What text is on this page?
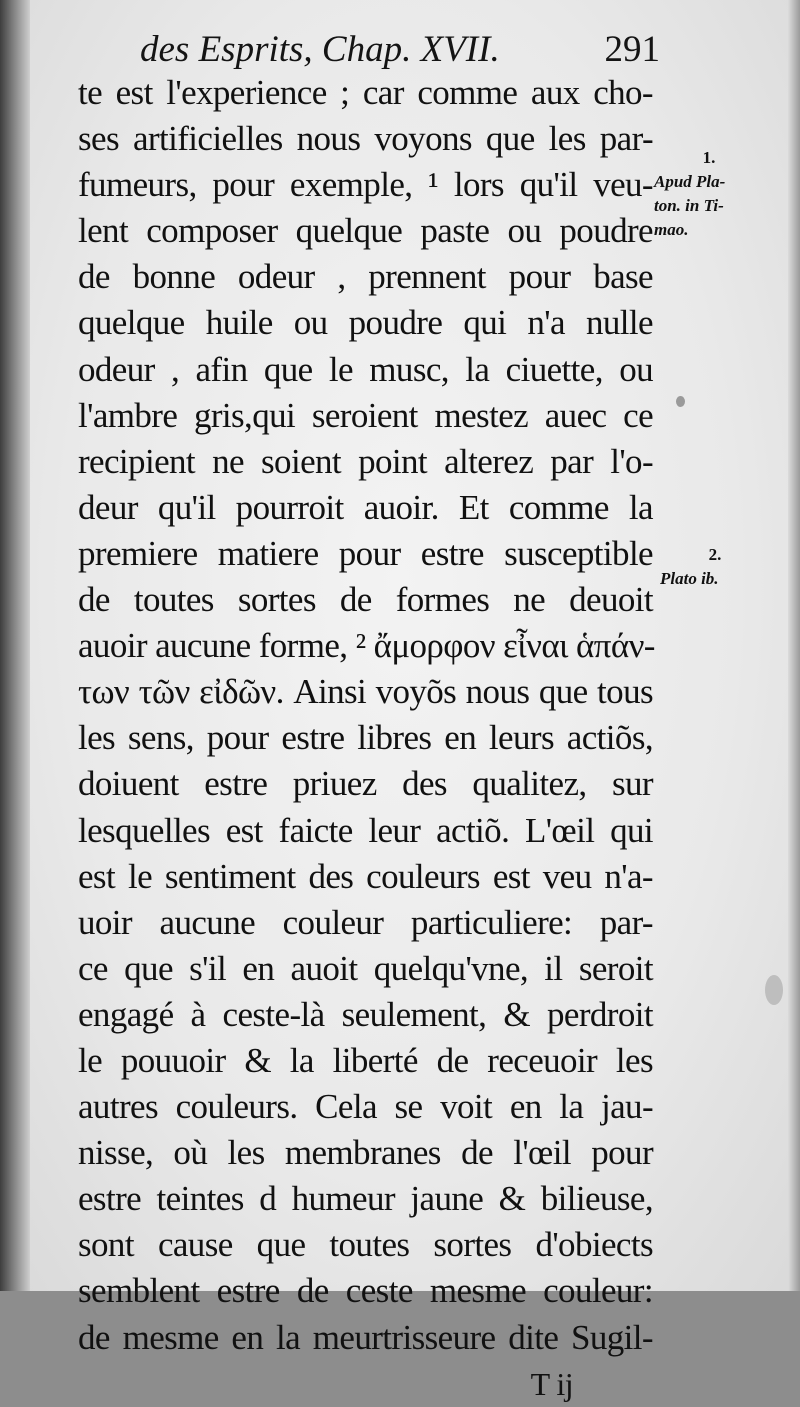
des Esprits, Chap. XVII.	291
te est l'experience ; car comme aux cho-
ses artificielles nous voyons que les par-
fumeurs, pour exemple, ¹ lors qu'il veu-
lent composer quelque paste ou poudre
de bonne odeur , prennent pour base
quelque huile ou poudre qui n'a nulle
odeur , afin que le musc, la ciuette, ou
l'ambre gris,qui seroient mestez auec ce
recipient ne soient point alterez par l'o-
deur qu'il pourroit auoir. Et comme la
premiere matiere pour estre susceptible
de toutes sortes de formes ne deuoit
auoir aucune forme, ² ἄμορφον εἶναι ἁπάν-
των τῶν εἰδῶν. Ainsi voyõs nous que tous
les sens, pour estre libres en leurs actiõs,
doiuent estre priuez des qualitez, sur
lesquelles est faicte leur actiõ. L'œil qui
est le sentiment des couleurs est veu n'a-
uoir aucune couleur particuliere: par-
ce que s'il en auoit quelqu'vne, il seroit
engagé à ceste-là seulement, & perdroit
le pouuoir & la liberté de receuoir les
autres couleurs. Cela se voit en la jau-
nisse, où les membranes de l'œil pour
estre teintes d humeur jaune & bilieuse,
sont cause que toutes sortes d'obiects
semblent estre de ceste mesme couleur:
de mesme en la meurtrisseure dite Sugil-
T ij
1.
Apud Pla-
ton. in Ti-
mao.
2.
Plato ib.
